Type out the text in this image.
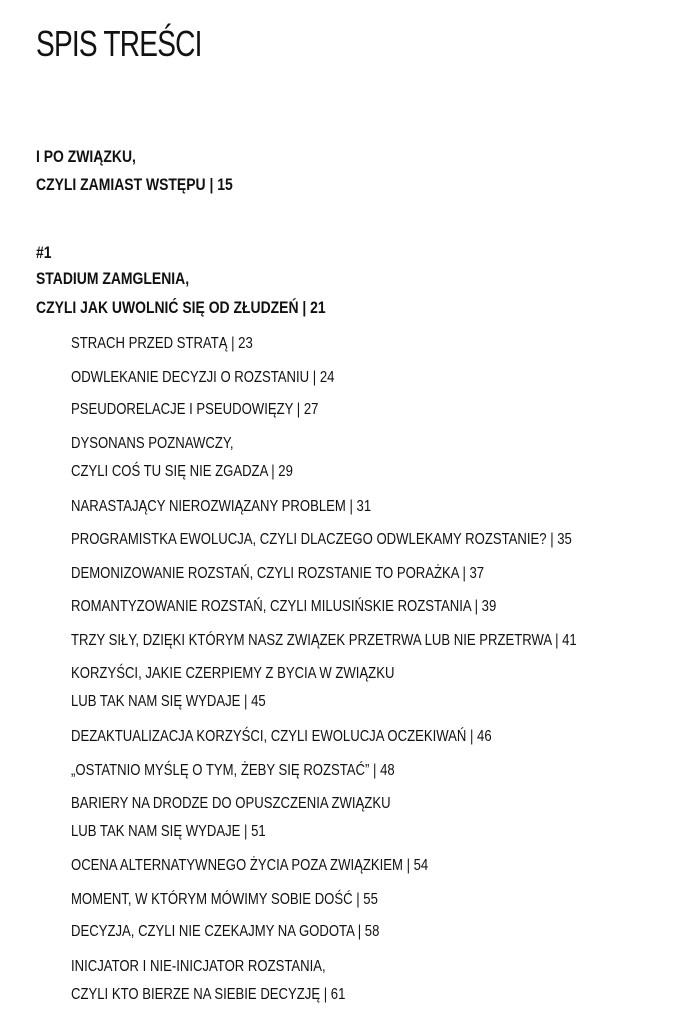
SPIS TREŚCI
I PO ZWIĄZKU,
CZYLI ZAMIAST WSTĘPU | 15
#1
STADIUM ZAMGLENIA,
CZYLI JAK UWOLNIĆ SIĘ OD ZŁUDZEŃ | 21
STRACH PRZED STRATĄ | 23
ODWLEKANIE DECYZJI O ROZSTANIU | 24
PSEUDORELACJE I PSEUDOWIĘZY | 27
DYSONANS POZNAWCZY,
CZYLI COŚ TU SIĘ NIE ZGADZA | 29
NARASTAJĄCY NIEROZWIĄZANY PROBLEM | 31
PROGRAMISTKA EWOLUCJA, CZYLI DLACZEGO ODWLEKAMY ROZSTANIE? | 35
DEMONIZOWANIE ROZSTAŃ, CZYLI ROZSTANIE TO PORAŻKA | 37
ROMANTYZOWANIE ROZSTAŃ, CZYLI MILUSIŃSKIE ROZSTANIA | 39
TRZY SIŁY, DZIĘKI KTÓRYM NASZ ZWIĄZEK PRZETRWA LUB NIE PRZETRWA | 41
KORZYŚCI, JAKIE CZERPIEMY Z BYCIA W ZWIĄZKU
LUB TAK NAM SIĘ WYDAJE | 45
DEZAKTUALIZACJA KORZYŚCI, CZYLI EWOLUCJA OCZEKIWAŃ | 46
„OSTATNIO MYŚLĘ O TYM, ŻEBY SIĘ ROZSTAĆ” | 48
BARIERY NA DRODZE DO OPUSZCZENIA ZWIĄZKU
LUB TAK NAM SIĘ WYDAJE | 51
OCENA ALTERNATYWNEGO ŻYCIA POZA ZWIĄZKIEM | 54
MOMENT, W KTÓRYM MÓWIMY SOBIE DOŚĆ | 55
DECYZJA, CZYLI NIE CZEKAJMY NA GODOTA | 58
INICJATOR I NIE-INICJATOR ROZSTANIA,
CZYLI KTO BIERZE NA SIEBIE DECYZJĘ | 61
